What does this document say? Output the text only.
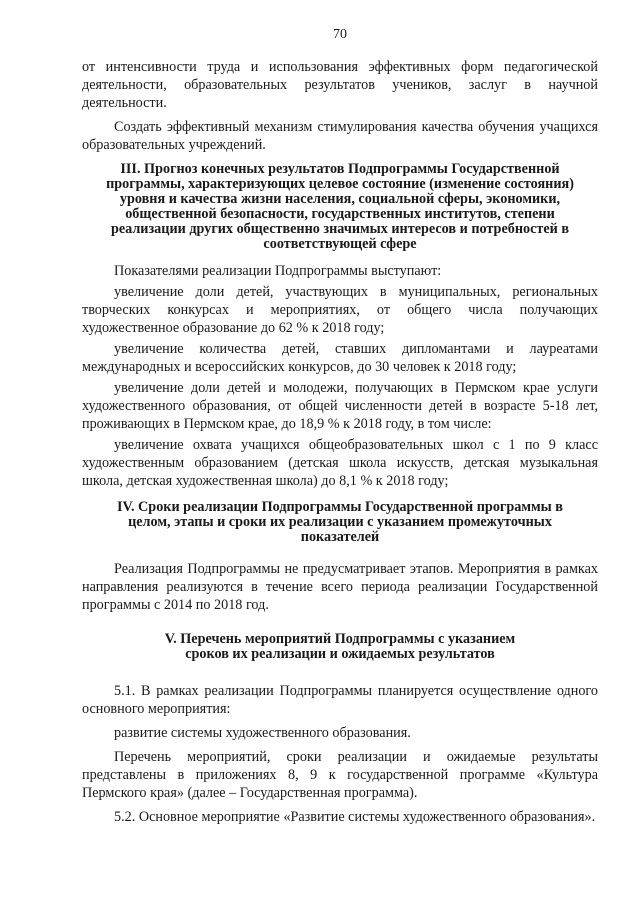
70

от интенсивности труда и использования эффективных форм педагогической деятельности, образовательных результатов учеников, заслуг в научной деятельности.

Создать эффективный механизм стимулирования качества обучения учащихся образовательных учреждений.

III. Прогноз конечных результатов Подпрограммы Государственной программы, характеризующих целевое состояние (изменение состояния) уровня и качества жизни населения, социальной сферы, экономики, общественной безопасности, государственных институтов, степени реализации других общественно значимых интересов и потребностей в соответствующей сфере

Показателями реализации Подпрограммы выступают:

увеличение доли детей, участвующих в муниципальных, региональных творческих конкурсах и мероприятиях, от общего числа получающих художественное образование до 62 % к 2018 году;

увеличение количества детей, ставших дипломантами и лауреатами международных и всероссийских конкурсов, до 30 человек к 2018 году;

увеличение доли детей и молодежи, получающих в Пермском крае услуги художественного образования, от общей численности детей в возрасте 5-18 лет, проживающих в Пермском крае, до 18,9 % к 2018 году, в том числе:

увеличение охвата учащихся общеобразовательных школ с 1 по 9 класс художественным образованием (детская школа искусств, детская музыкальная школа, детская художественная школа) до 8,1 % к 2018 году;

IV. Сроки реализации Подпрограммы Государственной программы в целом, этапы и сроки их реализации с указанием промежуточных показателей

Реализация Подпрограммы не предусматривает этапов. Мероприятия в рамках направления реализуются в течение всего периода реализации Государственной программы с 2014 по 2018 год.

V. Перечень мероприятий Подпрограммы с указанием сроков их реализации и ожидаемых результатов

5.1. В рамках реализации Подпрограммы планируется осуществление одного основного мероприятия:

развитие системы художественного образования.

Перечень мероприятий, сроки реализации и ожидаемые результаты представлены в приложениях 8, 9 к государственной программе «Культура Пермского края» (далее – Государственная программа).

5.2. Основное мероприятие «Развитие системы художественного образования».
